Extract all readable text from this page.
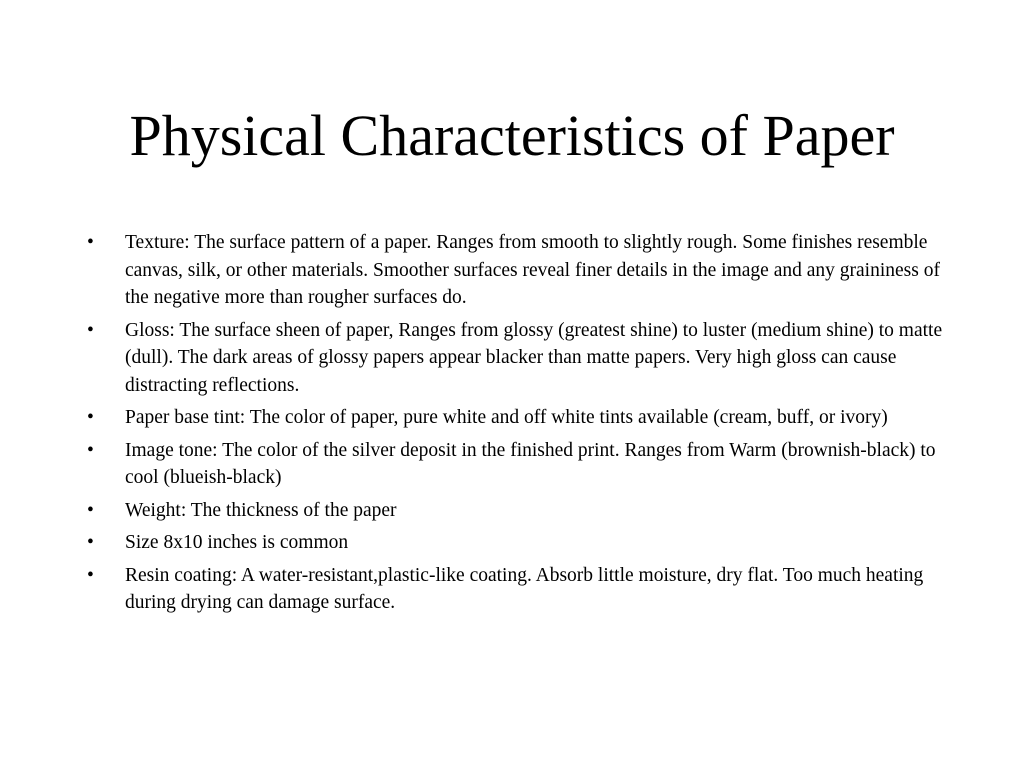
Physical Characteristics of Paper
•	Texture: The surface pattern of a paper. Ranges from smooth to slightly rough. Some finishes resemble canvas, silk, or other materials. Smoother surfaces reveal finer details in the image and any graininess of the negative more than rougher surfaces do.
•	Gloss: The surface sheen of paper, Ranges from glossy (greatest shine) to luster (medium shine) to matte (dull). The dark areas of glossy papers appear blacker than matte papers. Very high gloss can cause distracting reflections.
•	Paper base tint: The color of paper, pure white and off white tints available (cream, buff, or ivory)
•	Image tone: The color of the silver deposit in the finished print. Ranges from Warm (brownish-black) to cool (blueish-black)
•	Weight: The thickness of the paper
•	Size 8x10 inches is common
•	Resin coating: A water-resistant,plastic-like coating. Absorb little moisture, dry flat. Too much heating during drying can damage surface.
